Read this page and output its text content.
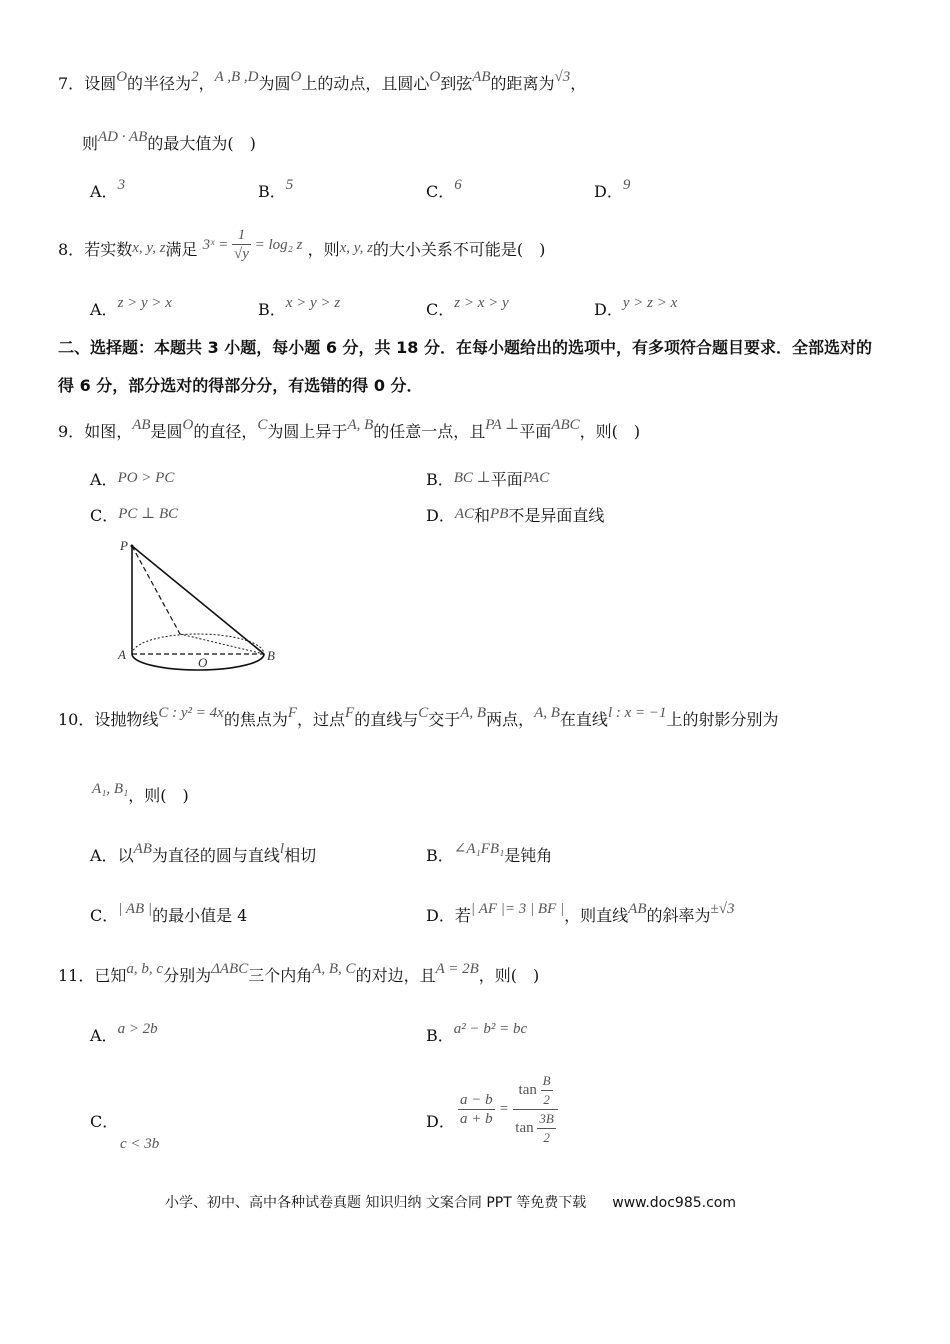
7．设圆O的半径为2，A ,B ,D为圆O上的动点，且圆心O到弦AB的距离为√3，
则AD · AB的最大值为(　)
A．3	B．5	C．6	D．9
8．若实数x, y, z满足 3ˣ = $\frac{1}{√y} = \log_2$ z ，则x, y, z的大小关系不可能是(　)
A．z > y > x	B．x > y > z	C．z > x > y	D．y > z > x
二、选择题：本题共 3 小题，每小题 6 分，共 18 分．在每小题给出的选项中，有多项符合题目要求．全部选对的
得 6 分，部分选对的得部分分，有选错的得 0 分．
9．如图，AB是圆O的直径，C为圆上异于A, B的任意一点，且PA ⊥平面ABC，则(　)
A．PO > PC	B．BC ⊥平面PAC
C．PC ⊥ BC	D．AC和PB不是异面直线
P
A	B
O
10．设抛物线C : y² = 4x的焦点为F，过点F的直线与C交于A, B两点，A, B在直线l : x = −1上的射影分别为
A₁, B₁，则(　)
A．以AB为直径的圆与直线l相切	B．∠A₁FB₁是钝角
C．| AB |的最小值是 4	D．若| AF |= 3 | BF |，则直线AB的斜率为±√3
11．已知a, b, c分别为ΔABC三个内角A, B, C的对边，且A = 2B，则(　)
A．a > 2b	B．a² − b² = bc
C．
c < 3b
D． $\frac{a - b}{a + b} = \frac{\tan \frac{B}{2}}{\tan \frac{3B}{2}}$
小学、初中、高中各种试卷真题 知识归纳 文案合同 PPT 等免费下载 www.doc985.com
